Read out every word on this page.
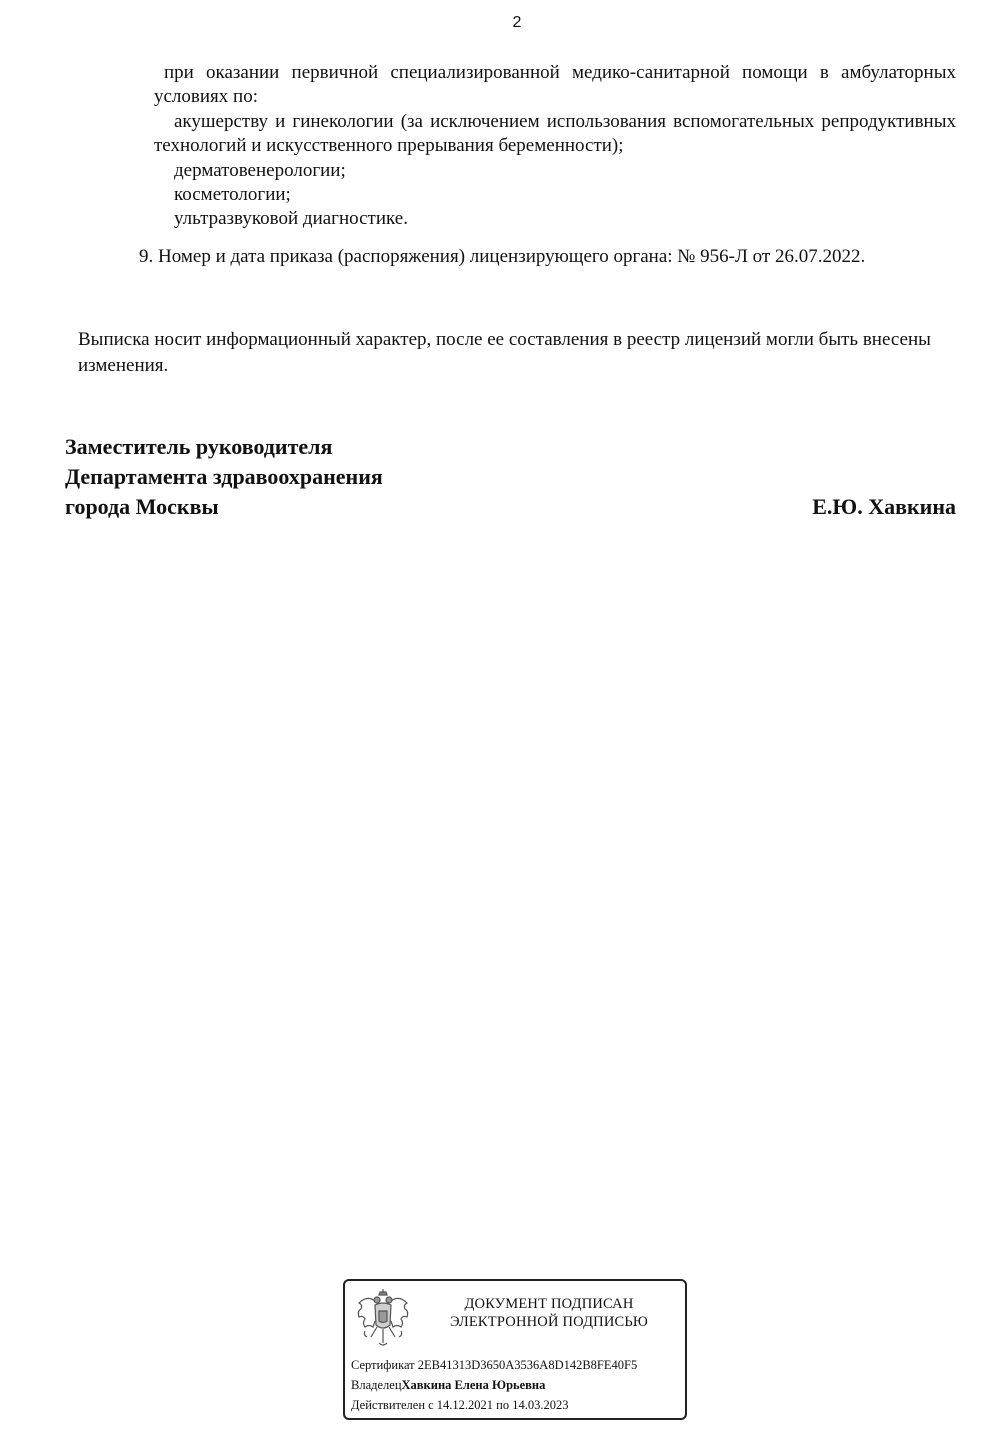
2
при оказании первичной специализированной медико-санитарной помощи в амбулаторных условиях по:
акушерству и гинекологии (за исключением использования вспомогательных репродуктивных технологий и искусственного прерывания беременности);
дерматовенерологии;
косметологии;
ультразвуковой диагностике.
9. Номер и дата приказа (распоряжения) лицензирующего органа: № 956-Л от 26.07.2022.
Выписка носит информационный характер, после ее составления в реестр лицензий могли быть внесены изменения.
Заместитель руководителя
Департамента здравоохранения
города Москвы	Е.Ю. Хавкина
ДОКУМЕНТ ПОДПИСАН
ЭЛЕКТРОННОЙ ПОДПИСЬЮ
Сертификат 2EB41313D3650A3536A8D142B8FE40F5
ВладелецХавкина Елена Юрьевна
Действителен с 14.12.2021 по 14.03.2023
